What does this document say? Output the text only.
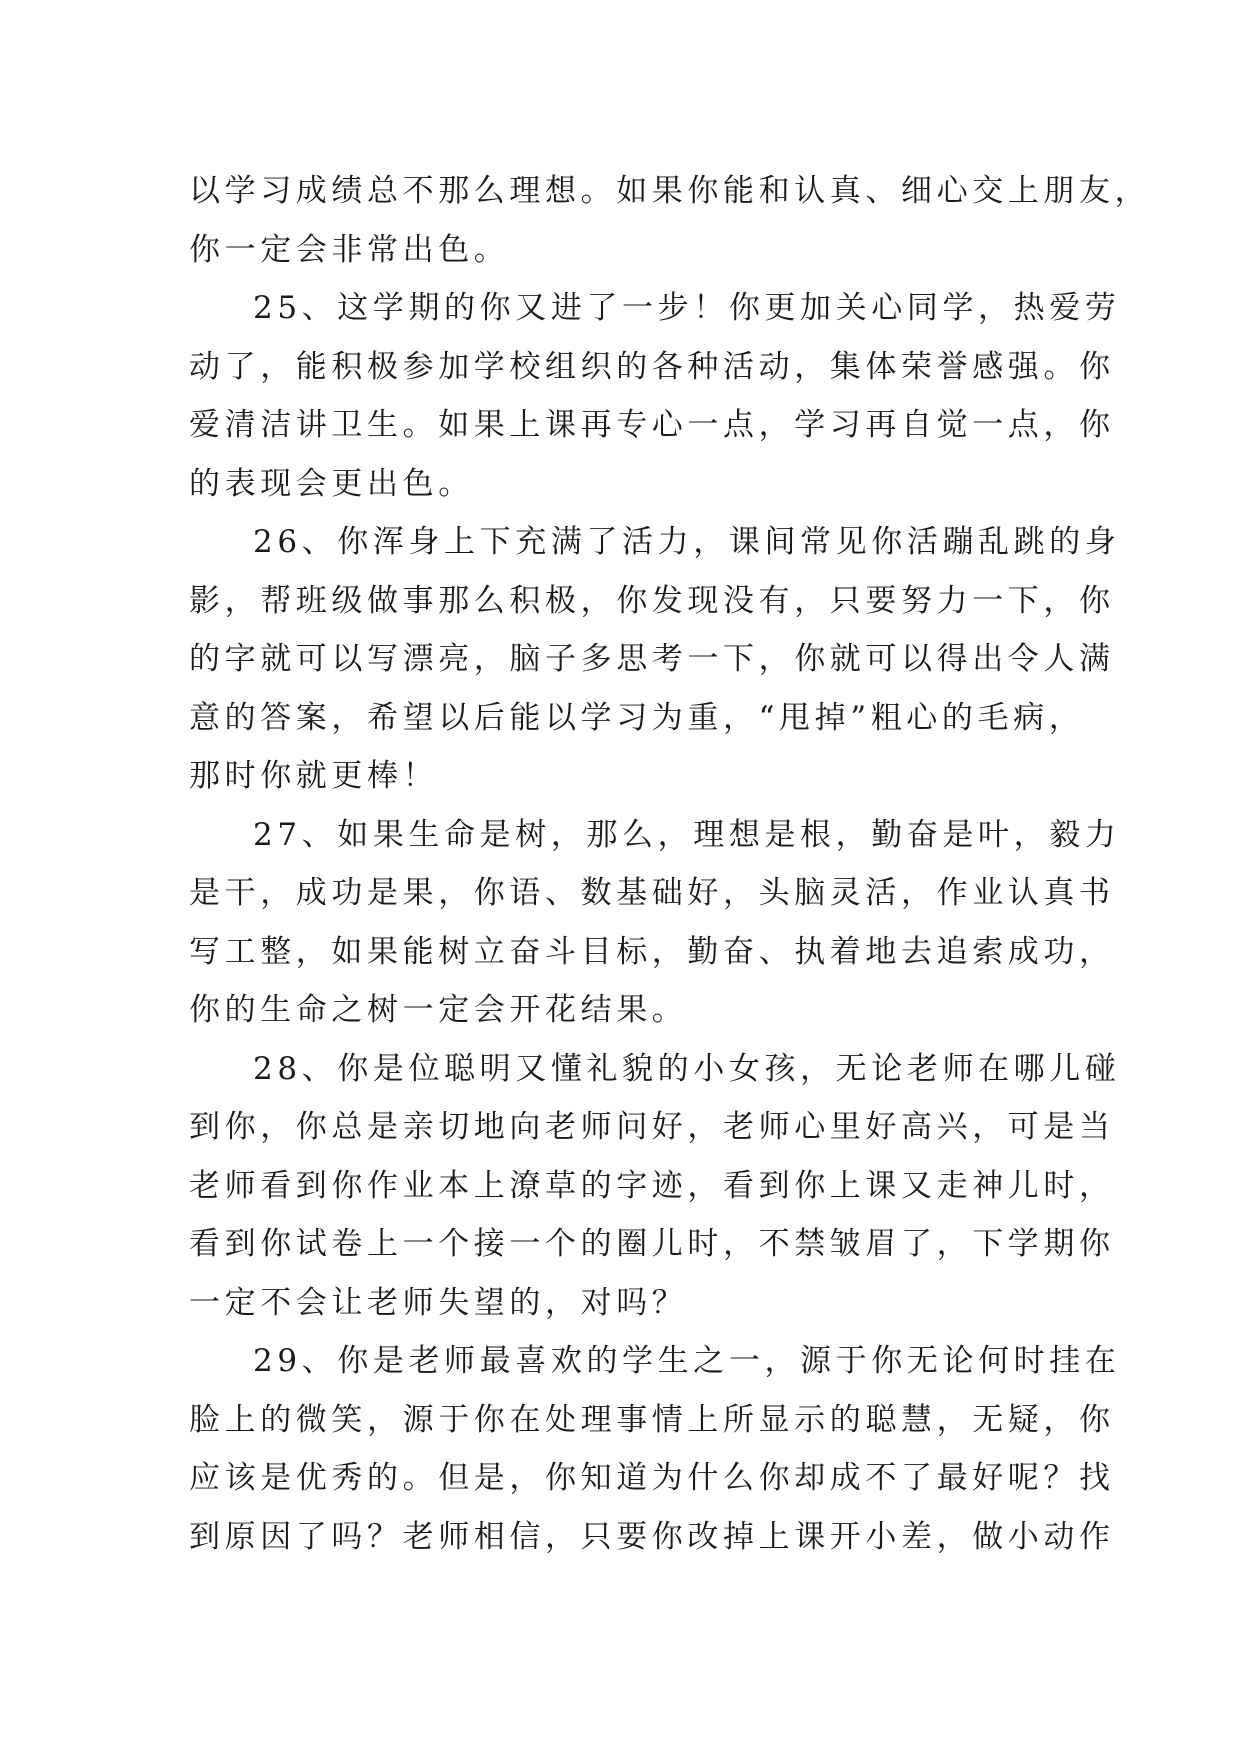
以学习成绩总不那么理想。如果你能和认真、细心交上朋友，
你一定会非常出色。
25、这学期的你又进了一步！你更加关心同学，热爱劳
动了，能积极参加学校组织的各种活动，集体荣誉感强。你
爱清洁讲卫生。如果上课再专心一点，学习再自觉一点，你
的表现会更出色。
26、你浑身上下充满了活力，课间常见你活蹦乱跳的身
影，帮班级做事那么积极，你发现没有，只要努力一下，你
的字就可以写漂亮，脑子多思考一下，你就可以得出令人满
意的答案，希望以后能以学习为重，“甩掉”粗心的毛病，
那时你就更棒！
27、如果生命是树，那么，理想是根，勤奋是叶，毅力
是干，成功是果，你语、数基础好，头脑灵活，作业认真书
写工整，如果能树立奋斗目标，勤奋、执着地去追索成功，
你的生命之树一定会开花结果。
28、你是位聪明又懂礼貌的小女孩，无论老师在哪儿碰
到你，你总是亲切地向老师问好，老师心里好高兴，可是当
老师看到你作业本上潦草的字迹，看到你上课又走神儿时，
看到你试卷上一个接一个的圈儿时，不禁皱眉了，下学期你
一定不会让老师失望的，对吗？
29、你是老师最喜欢的学生之一，源于你无论何时挂在
脸上的微笑，源于你在处理事情上所显示的聪慧，无疑，你
应该是优秀的。但是，你知道为什么你却成不了最好呢？找
到原因了吗？老师相信，只要你改掉上课开小差，做小动作
